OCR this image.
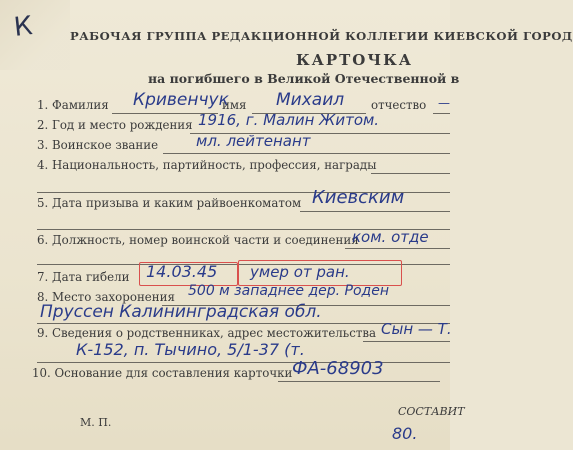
К	РАБОЧАЯ ГРУППА РЕДАКЦИОННОЙ КОЛЛЕГИИ КИЕВСКОЙ ГОРОД
КАРТОЧКА
на погибшего в Великой Отечественной в
1. Фамилия Кривенчук
имя Михаил отчество —
2. Год и место рождения 1916, г. Малин Житом.
3. Воинское звание	мл. лейтенант
4. Национальность, партийность, профессия, награды
5. Дата призыва и каким райвоенкоматом Киевским
6. Должность, номер воинской части и соединения
ком. отде
7. Дата гибели 14.03.45 умер от ран.
8. Место захоронения 500 м западнее дер. Роден
Пруссен Калининградская обл.
9. Сведения о родственниках, адрес местожительства Сын — Т.
К-152, п. Тычино, 5/1-37 (т.
10. Основание для составления карточки ФА-68903
М. П.
СОСТАВИТ
80.
